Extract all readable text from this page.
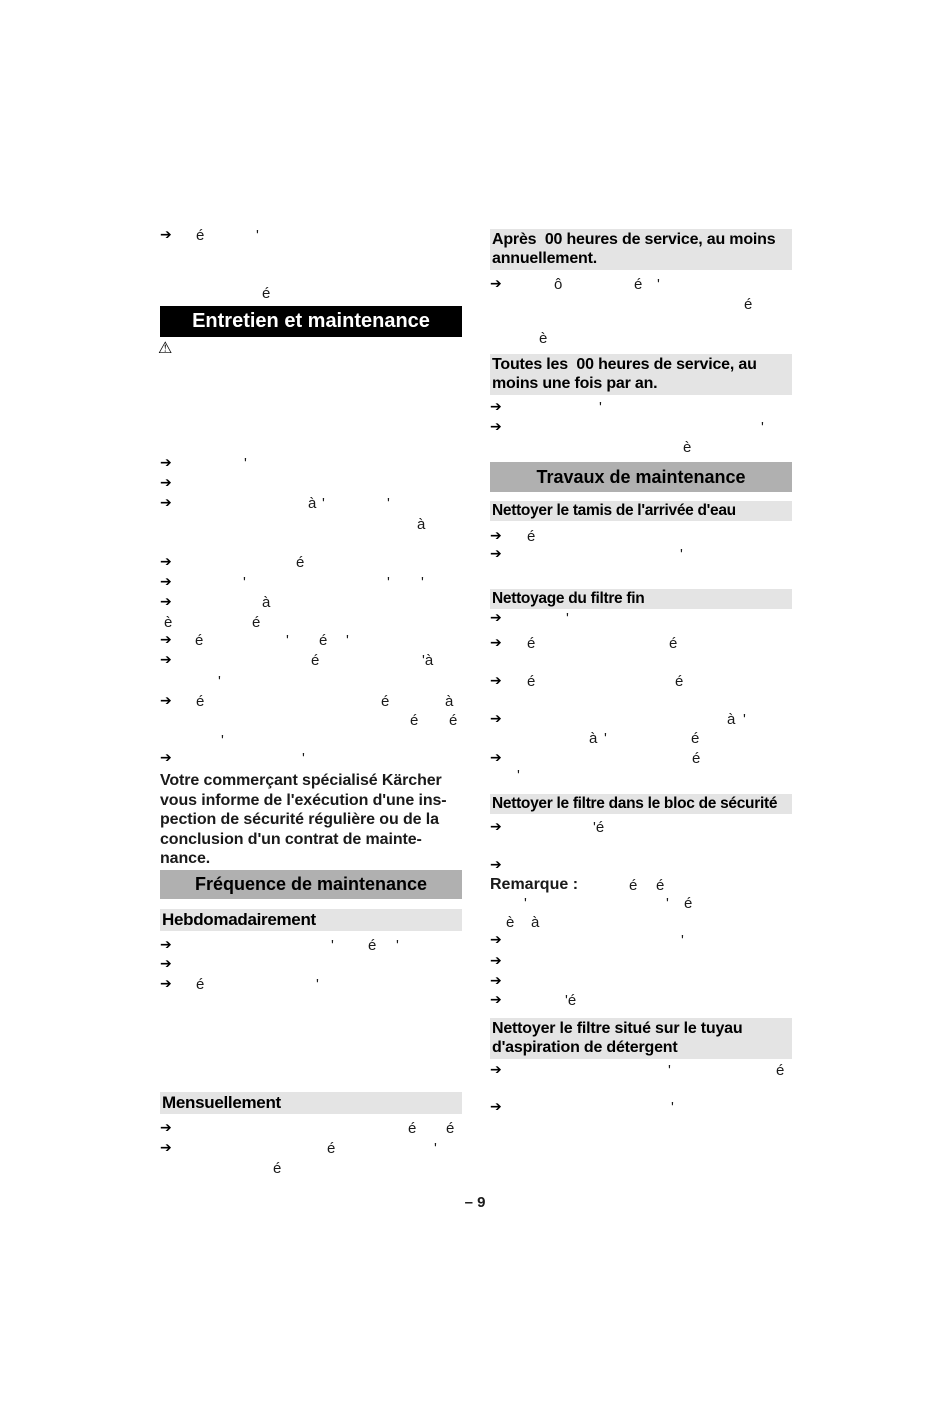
Entretien et maintenance
⚠
Votre commerçant spécialisé Kärcher
vous informe de l'exécution d'une ins-
pection de sécurité régulière ou de la
conclusion d'un contrat de mainte-
nance.
Fréquence de maintenance
Hebdomadairement
Mensuellement
Après  00 heures de service, au moins
annuellement.
Toutes les  00 heures de service, au
moins une fois par an.
Travaux de maintenance
Nettoyer le tamis de l'arrivée d'eau
Nettoyage du filtre fin
Nettoyer le filtre dans le bloc de sécurité
Nettoyer le filtre situé sur le tuyau
d'aspiration de détergent
Remarque :
– 9
➔
➔
➔
➔
➔
➔
➔
➔
➔
➔
➔
➔
➔
➔
➔
➔
➔
➔
➔
➔
➔
➔
➔
➔
➔
➔
➔
➔
➔
➔
➔
➔
➔
➔
é	'
é
'
à '	'
à
é
'	' '
à
è	é
é	' é '
é	'à
'
é	é	à
é é
'
'
' é '
é	'
é é
é	'
é
ô	é '
é
è
'
'
è
é
'
'
é	é
é	é
à '
à '	é
é
'
'é
é é
'	' é
è à
'
'é
'	é
'
